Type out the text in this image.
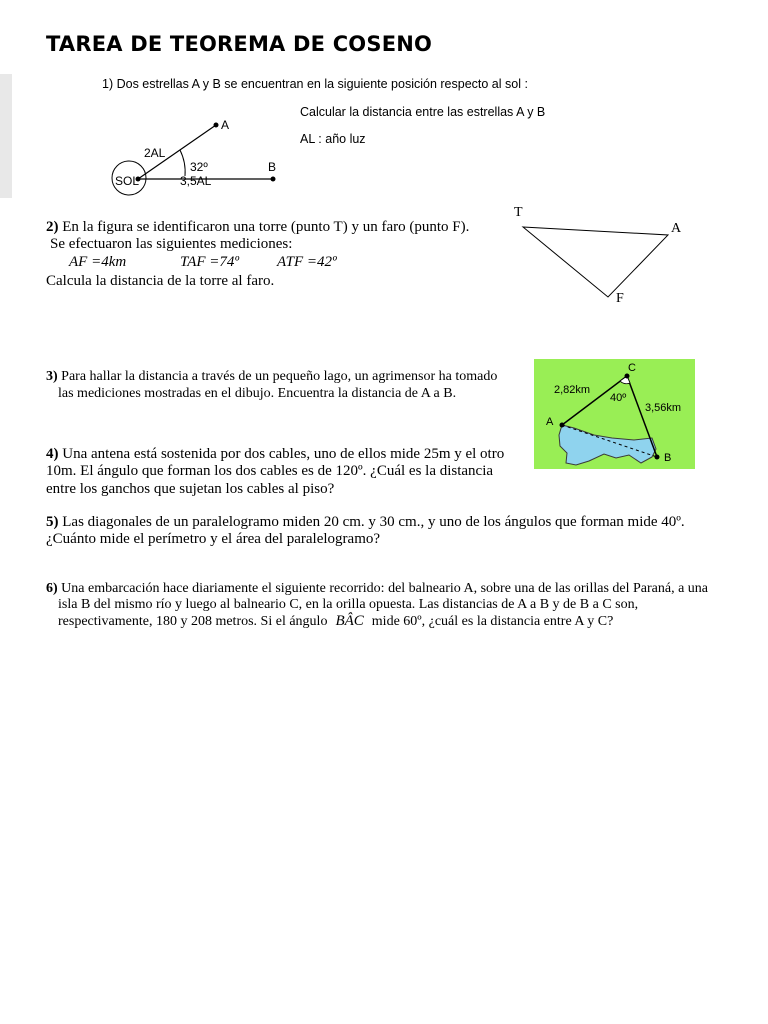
TAREA DE TEOREMA DE COSENO
1) Dos estrellas A y B se encuentran en la siguiente posición respecto al sol :
Calcular la distancia entre las estrellas A y B
AL : año luz
A
B
SOL
2AL
32º
3,5AL
2) En la figura se identificaron una torre (punto T) y un faro (punto F).
Se efectuaron las siguientes mediciones:
AF =4km	TAF =74º	ATF =42º
Calcula la distancia de la torre al faro.
T
A
F
3) Para hallar la distancia a través de un pequeño lago, un agrimensor ha tomado
las mediciones mostradas en el dibujo. Encuentra la distancia de A a B.
C
A
B
2,82km
3,56km
40º
4) Una antena está sostenida por dos cables, uno de ellos mide 25m y el otro
10m. El ángulo que forman los dos cables es de 120º. ¿Cuál es la distancia
entre los ganchos que sujetan los cables al piso?
5) Las diagonales de un paralelogramo miden 20 cm. y 30 cm., y uno de los ángulos que forman mide 40º.
¿Cuánto mide el perímetro y el área del paralelogramo?
6) Una embarcación hace diariamente el siguiente recorrido: del balneario A, sobre una de las orillas del Paraná, a una
isla B del mismo río y luego al balneario C, en la orilla opuesta. Las distancias de A a B y de B a C son,
respectivamente, 180 y 208 metros. Si el ángulo BÂC mide 60º, ¿cuál es la distancia entre A y C?
